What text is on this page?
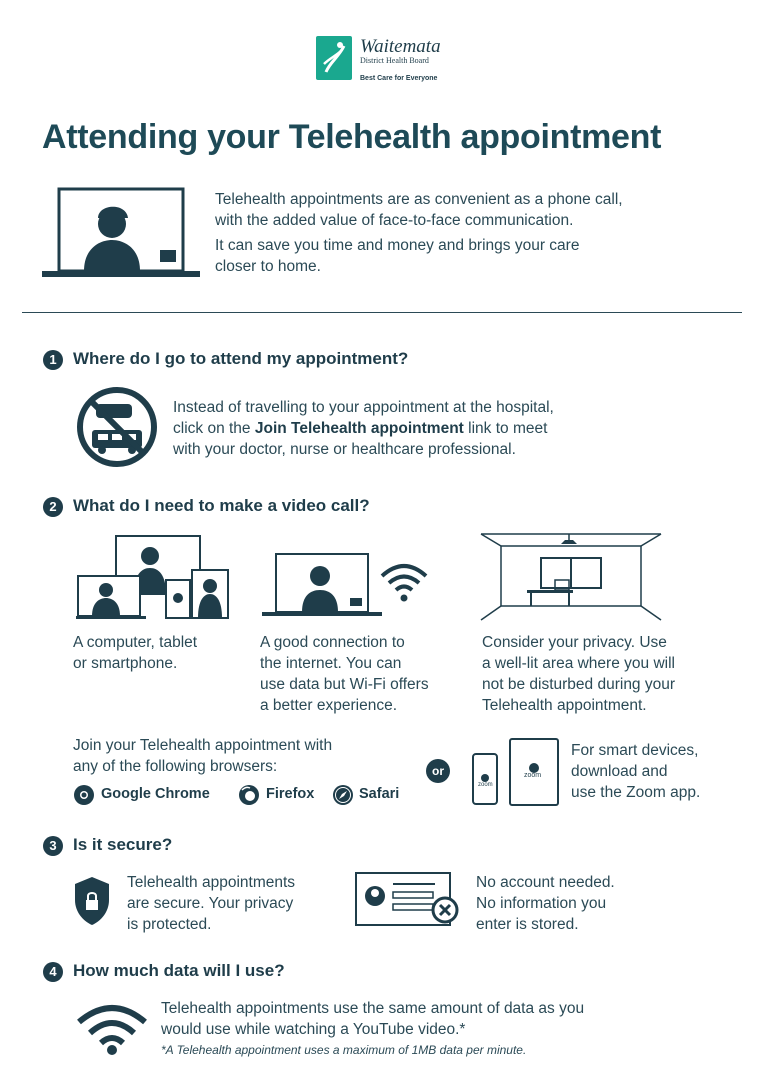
Waitemata
District Health Board
Best Care for Everyone
Attending your Telehealth appointment
Telehealth appointments are as convenient as a phone call,
with the added value of face-to-face communication.
It can save you time and money and brings your care
closer to home.
1 Where do I go to attend my appointment?
Instead of travelling to your appointment at the hospital,
click on the Join Telehealth appointment link to meet
with your doctor, nurse or healthcare professional.
2 What do I need to make a video call?
A computer, tablet
or smartphone.
A good connection to
the internet. You can
use data but Wi-Fi offers
a better experience.
Consider your privacy. Use
a well-lit area where you will
not be disturbed during your
Telehealth appointment.
Join your Telehealth appointment with
any of the following browsers:
Google Chrome	Firefox	Safari
or
zoom
zoom
For smart devices,
download and
use the Zoom app.
3 Is it secure?
Telehealth appointments
are secure. Your privacy
is protected.
No account needed.
No information you
enter is stored.
4 How much data will I use?
Telehealth appointments use the same amount of data as you
would use while watching a YouTube video.*
*A Telehealth appointment uses a maximum of 1MB data per minute.
